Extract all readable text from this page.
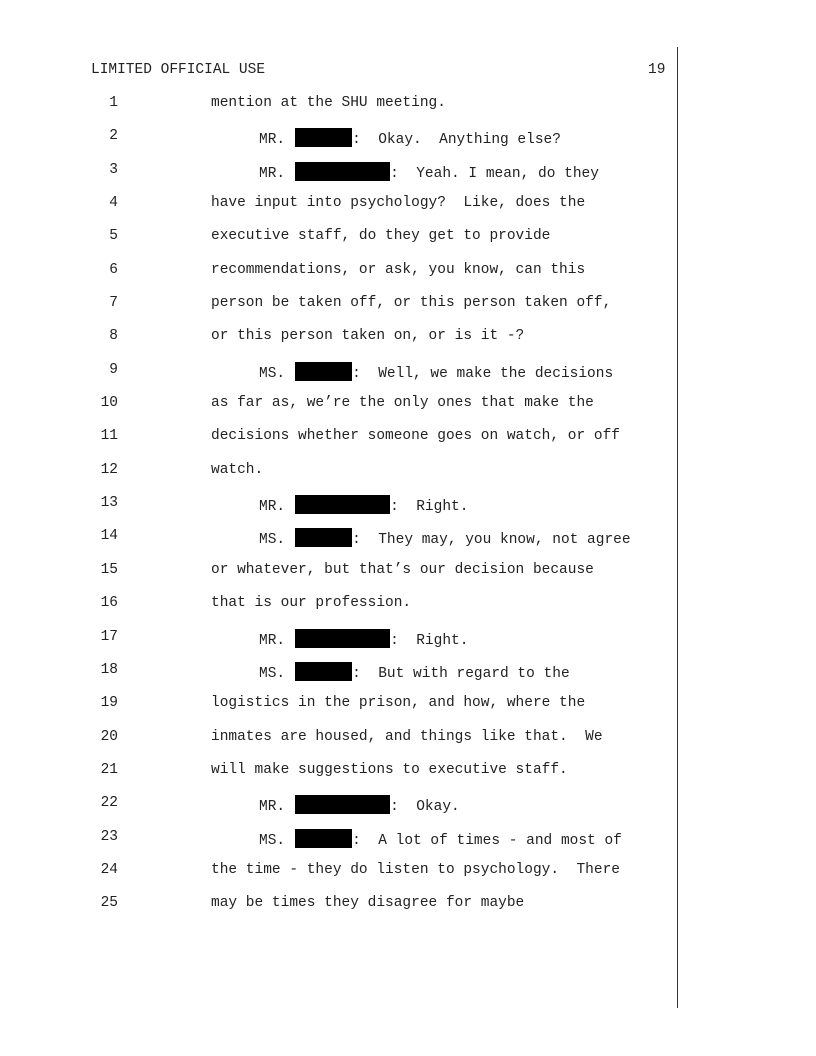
LIMITED OFFICIAL USE	19
1	mention at the SHU meeting.
2	MR.	:  Okay.  Anything else?
3	MR.	:  Yeah. I mean, do they
4	have input into psychology?  Like, does the
5	executive staff, do they get to provide
6	recommendations, or ask, you know, can this
7	person be taken off, or this person taken off,
8	or this person taken on, or is it -?
9	MS.	:  Well, we make the decisions
10	as far as, we’re the only ones that make the
11	decisions whether someone goes on watch, or off
12	watch.
13	MR.	:  Right.
14	MS.	:  They may, you know, not agree
15	or whatever, but that’s our decision because
16	that is our profession.
17	MR.	:  Right.
18	MS.	:  But with regard to the
19	logistics in the prison, and how, where the
20	inmates are housed, and things like that.  We
21	will make suggestions to executive staff.
22	MR.	:  Okay.
23	MS.	:  A lot of times - and most of
24	the time - they do listen to psychology.  There
25	may be times they disagree for maybe
